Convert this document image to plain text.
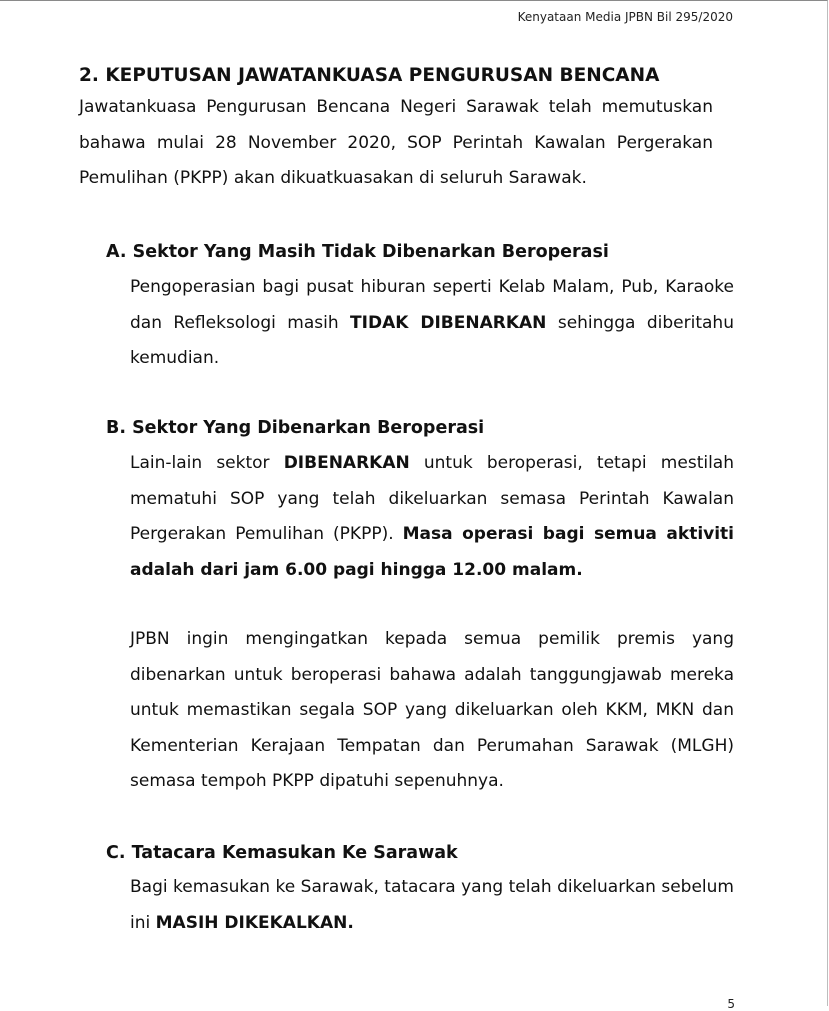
Kenyataan Media JPBN Bil 295/2020
2. KEPUTUSAN JAWATANKUASA PENGURUSAN BENCANA

Jawatankuasa Pengurusan Bencana Negeri Sarawak telah memutuskan bahawa mulai 28 November 2020, SOP Perintah Kawalan Pergerakan Pemulihan (PKPP) akan dikuatkuasakan di seluruh Sarawak.

A. Sektor Yang Masih Tidak Dibenarkan Beroperasi

Pengoperasian bagi pusat hiburan seperti Kelab Malam, Pub, Karaoke dan Refleksologi masih TIDAK DIBENARKAN sehingga diberitahu kemudian.

B. Sektor Yang Dibenarkan Beroperasi

Lain-lain sektor DIBENARKAN untuk beroperasi, tetapi mestilah mematuhi SOP yang telah dikeluarkan semasa Perintah Kawalan Pergerakan Pemulihan (PKPP). Masa operasi bagi semua aktiviti adalah dari jam 6.00 pagi hingga 12.00 malam.

JPBN ingin mengingatkan kepada semua pemilik premis yang dibenarkan untuk beroperasi bahawa adalah tanggungjawab mereka untuk memastikan segala SOP yang dikeluarkan oleh KKM, MKN dan Kementerian Kerajaan Tempatan dan Perumahan Sarawak (MLGH) semasa tempoh PKPP dipatuhi sepenuhnya.

C. Tatacara Kemasukan Ke Sarawak

Bagi kemasukan ke Sarawak, tatacara yang telah dikeluarkan sebelum ini MASIH DIKEKALKAN.

5
